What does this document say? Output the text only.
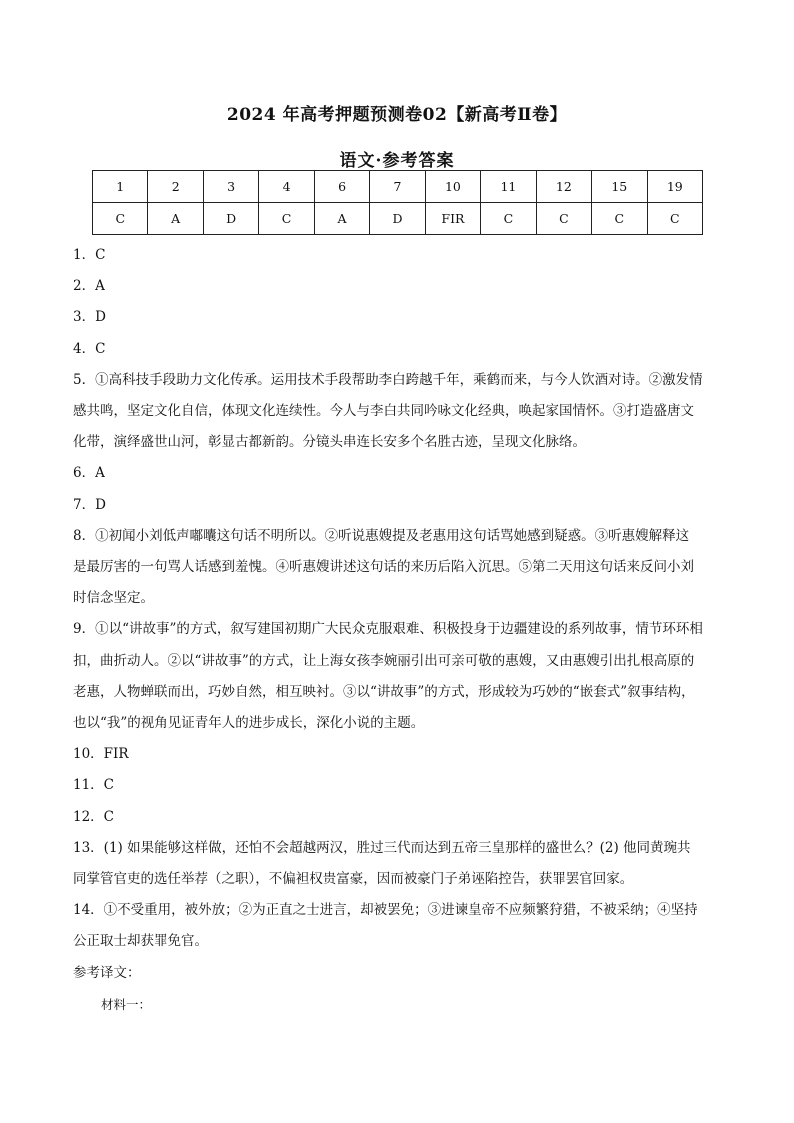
2024 年高考押题预测卷02【新高考Ⅱ卷】
语文·参考答案
1	2	3	4	6	7	10	11	12	15	19
C	A	D	C	A	D	FIR	C	C	C	C

1．C

2．A

3．D

4．C

5．①高科技手段助力文化传承。运用技术手段帮助李白跨越千年，乘鹤而来，与今人饮酒对诗。②激发情

感共鸣，坚定文化自信，体现文化连续性。今人与李白共同吟咏文化经典，唤起家国情怀。③打造盛唐文

化带，演绎盛世山河，彰显古都新韵。分镜头串连长安多个名胜古迹，呈现文化脉络。

6．A

7．D

8．①初闻小刘低声嘟囔这句话不明所以。②听说惠嫂提及老惠用这句话骂她感到疑惑。③听惠嫂解释这

是最厉害的一句骂人话感到羞愧。④听惠嫂讲述这句话的来历后陷入沉思。⑤第二天用这句话来反问小刘

时信念坚定。

9．①以“讲故事”的方式，叙写建国初期广大民众克服艰难、积极投身于边疆建设的系列故事，情节环环相

扣，曲折动人。②以“讲故事”的方式，让上海女孩李婉丽引出可亲可敬的惠嫂，又由惠嫂引出扎根高原的

老惠，人物蝉联而出，巧妙自然，相互映衬。③以“讲故事”的方式，形成较为巧妙的“嵌套式”叙事结构，

也以“我”的视角见证青年人的进步成长，深化小说的主题。

10．FIR

11．C

12．C

13．(1) 如果能够这样做，还怕不会超越两汉，胜过三代而达到五帝三皇那样的盛世么？(2) 他同黄琬共

同掌管官吏的选任举荐（之职），不偏袒权贵富豪，因而被豪门子弟诬陷控告，获罪罢官回家。

14．①不受重用，被外放；②为正直之士进言，却被罢免；③进谏皇帝不应频繁狩猎，不被采纳；④坚持

公正取士却获罪免官。

参考译文：

材料一：
